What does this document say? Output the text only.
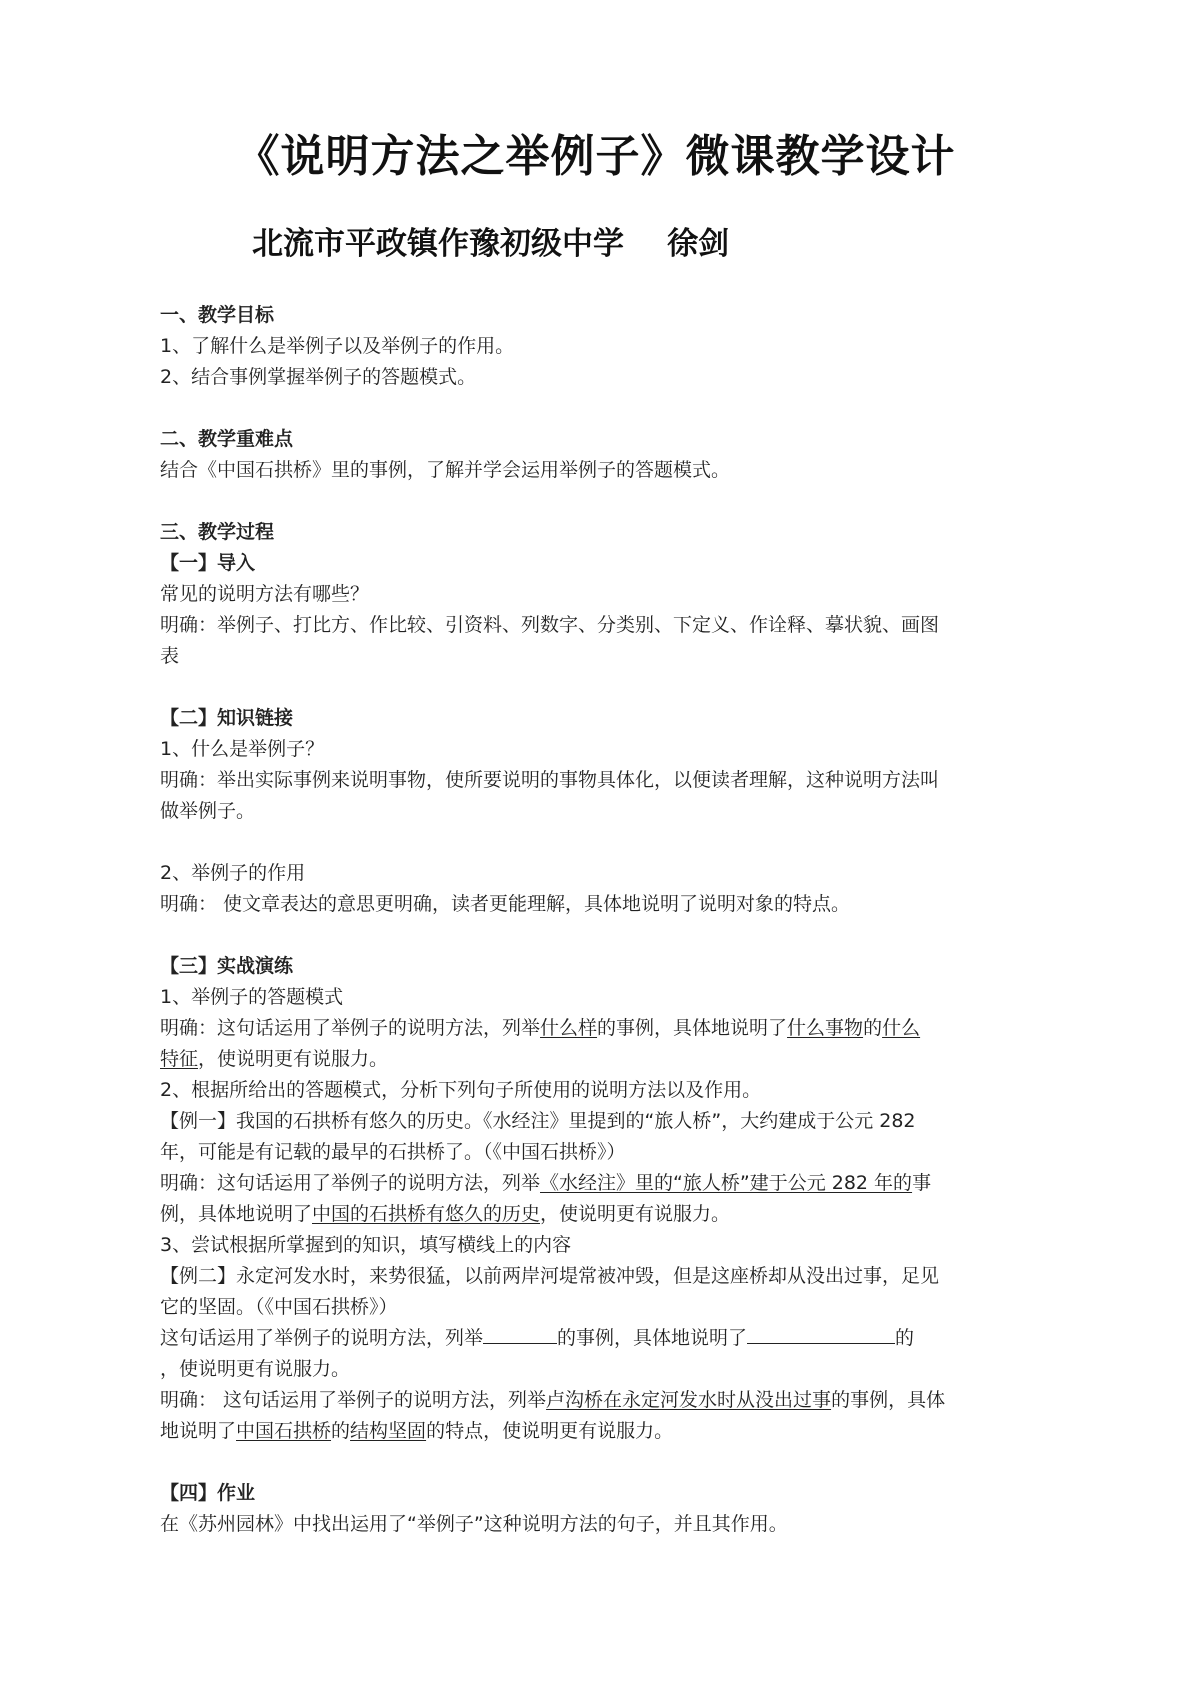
《说明方法之举例子》微课教学设计
北流市平政镇作豫初级中学    徐剑

一、教学目标

1、了解什么是举例子以及举例子的作用。

2、结合事例掌握举例子的答题模式。

二、教学重难点

结合《中国石拱桥》里的事例，了解并学会运用举例子的答题模式。

三、教学过程

【一】导入

常见的说明方法有哪些？

明确：举例子、打比方、作比较、引资料、列数字、分类别、下定义、作诠释、摹状貌、画图

表

【二】知识链接

1、什么是举例子？

明确：举出实际事例来说明事物，使所要说明的事物具体化，以便读者理解，这种说明方法叫

做举例子。

2、举例子的作用

明确： 使文章表达的意思更明确，读者更能理解，具体地说明了说明对象的特点。

【三】实战演练

1、举例子的答题模式

明确：这句话运用了举例子的说明方法，列举什么样的事例，具体地说明了什么事物的什么

特征，使说明更有说服力。

2、根据所给出的答题模式，分析下列句子所使用的说明方法以及作用。

【例一】我国的石拱桥有悠久的历史。《水经注》里提到的“旅人桥”，大约建成于公元 282

年，可能是有记载的最早的石拱桥了。（《中国石拱桥》）

明确：这句话运用了举例子的说明方法，列举《水经注》里的“旅人桥”建于公元 282 年的事

例，具体地说明了中国的石拱桥有悠久的历史，使说明更有说服力。

3、尝试根据所掌握到的知识，填写横线上的内容

【例二】永定河发水时，来势很猛，以前两岸河堤常被冲毁，但是这座桥却从没出过事，足见

它的坚固。（《中国石拱桥》）

这句话运用了举例子的说明方法，列举	的事例，具体地说明了	的

，使说明更有说服力。

明确： 这句话运用了举例子的说明方法，列举卢沟桥在永定河发水时从没出过事的事例，具体

地说明了中国石拱桥的结构坚固的特点，使说明更有说服力。

【四】作业

在《苏州园林》中找出运用了“举例子”这种说明方法的句子，并且其作用。
